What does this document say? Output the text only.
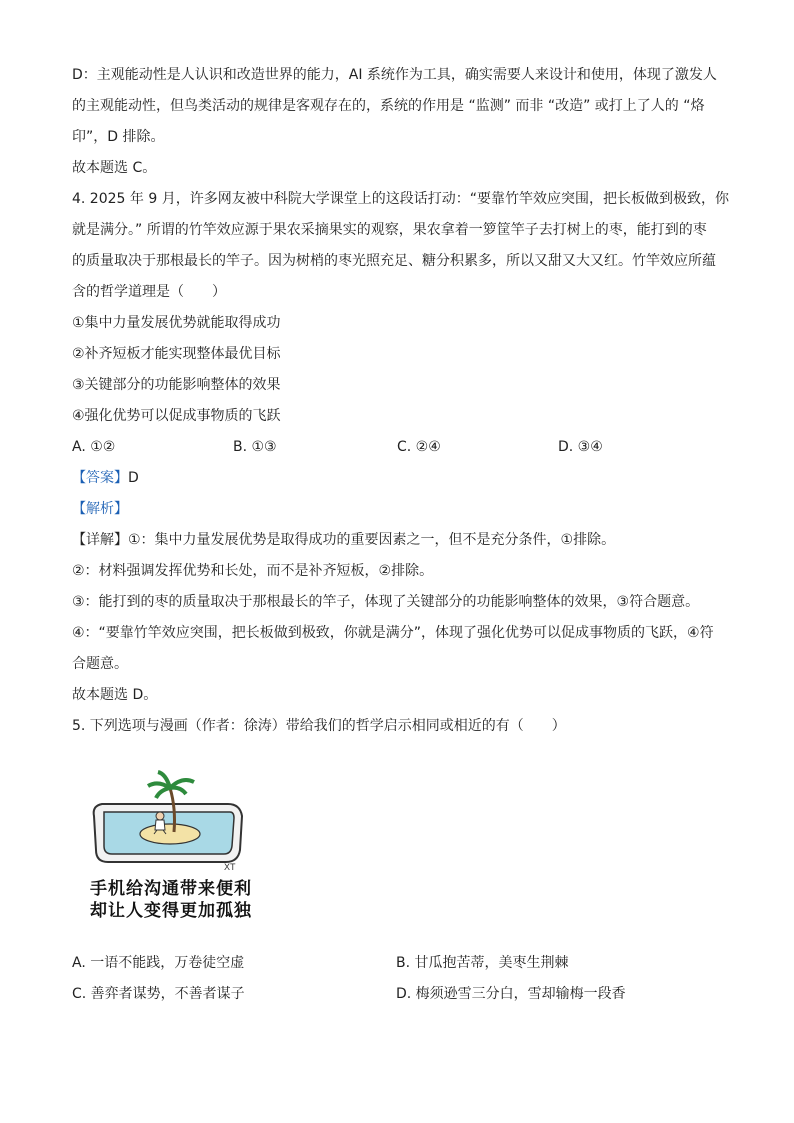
D：主观能动性是人认识和改造世界的能力，AI 系统作为工具，确实需要人来设计和使用，体现了激发人
的主观能动性，但鸟类活动的规律是客观存在的，系统的作用是 “监测” 而非 “改造” 或打上了人的 “烙
印”，D 排除。
故本题选 C。
4. 2025 年 9 月，许多网友被中科院大学课堂上的这段话打动：“要靠竹竿效应突围，把长板做到极致，你
就是满分。” 所谓的竹竿效应源于果农采摘果实的观察，果农拿着一箩筐竿子去打树上的枣，能打到的枣
的质量取决于那根最长的竿子。因为树梢的枣光照充足、糖分积累多，所以又甜又大又红。竹竿效应所蕴
含的哲学道理是（　　）
①集中力量发展优势就能取得成功
②补齐短板才能实现整体最优目标
③关键部分的功能影响整体的效果
④强化优势可以促成事物质的飞跃
A. ①②	B. ①③	C. ②④	D. ③④
【答案】D
【解析】
【详解】①：集中力量发展优势是取得成功的重要因素之一，但不是充分条件，①排除。
②：材料强调发挥优势和长处，而不是补齐短板，②排除。
③：能打到的枣的质量取决于那根最长的竿子，体现了关键部分的功能影响整体的效果，③符合题意。
④：“要靠竹竿效应突围，把长板做到极致，你就是满分”，体现了强化优势可以促成事物质的飞跃，④符
合题意。
故本题选 D。
5. 下列选项与漫画（作者：徐涛）带给我们的哲学启示相同或相近的有（　　）
XT
手机给沟通带来便利
却让人变得更加孤独
A. 一语不能践，万卷徒空虚	B. 甘瓜抱苦蒂，美枣生荆棘
C. 善弈者谋势，不善者谋子	D. 梅须逊雪三分白，雪却输梅一段香
